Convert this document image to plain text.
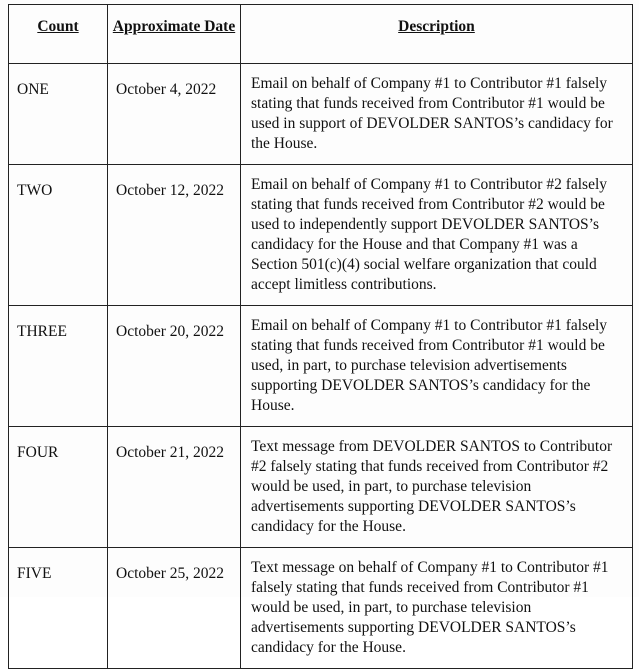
Count	Approximate Date	Description
ONE	October 4, 2022	Email on behalf of Company #1 to Contributor #1 falsely stating that funds received from Contributor #1 would be used in support of DEVOLDER SANTOS’s candidacy for the House.
TWO	October 12, 2022	Email on behalf of Company #1 to Contributor #2 falsely stating that funds received from Contributor #2 would be used to independently support DEVOLDER SANTOS’s candidacy for the House and that Company #1 was a Section 501(c)(4) social welfare organization that could accept limitless contributions.
THREE	October 20, 2022	Email on behalf of Company #1 to Contributor #1 falsely stating that funds received from Contributor #1 would be used, in part, to purchase television advertisements supporting DEVOLDER SANTOS’s candidacy for the House.
FOUR	October 21, 2022	Text message from DEVOLDER SANTOS to Contributor #2 falsely stating that funds received from Contributor #2 would be used, in part, to purchase television advertisements supporting DEVOLDER SANTOS’s candidacy for the House.
FIVE	October 25, 2022	Text message on behalf of Company #1 to Contributor #1 falsely stating that funds received from Contributor #1 would be used, in part, to purchase television advertisements supporting DEVOLDER SANTOS’s candidacy for the House.
